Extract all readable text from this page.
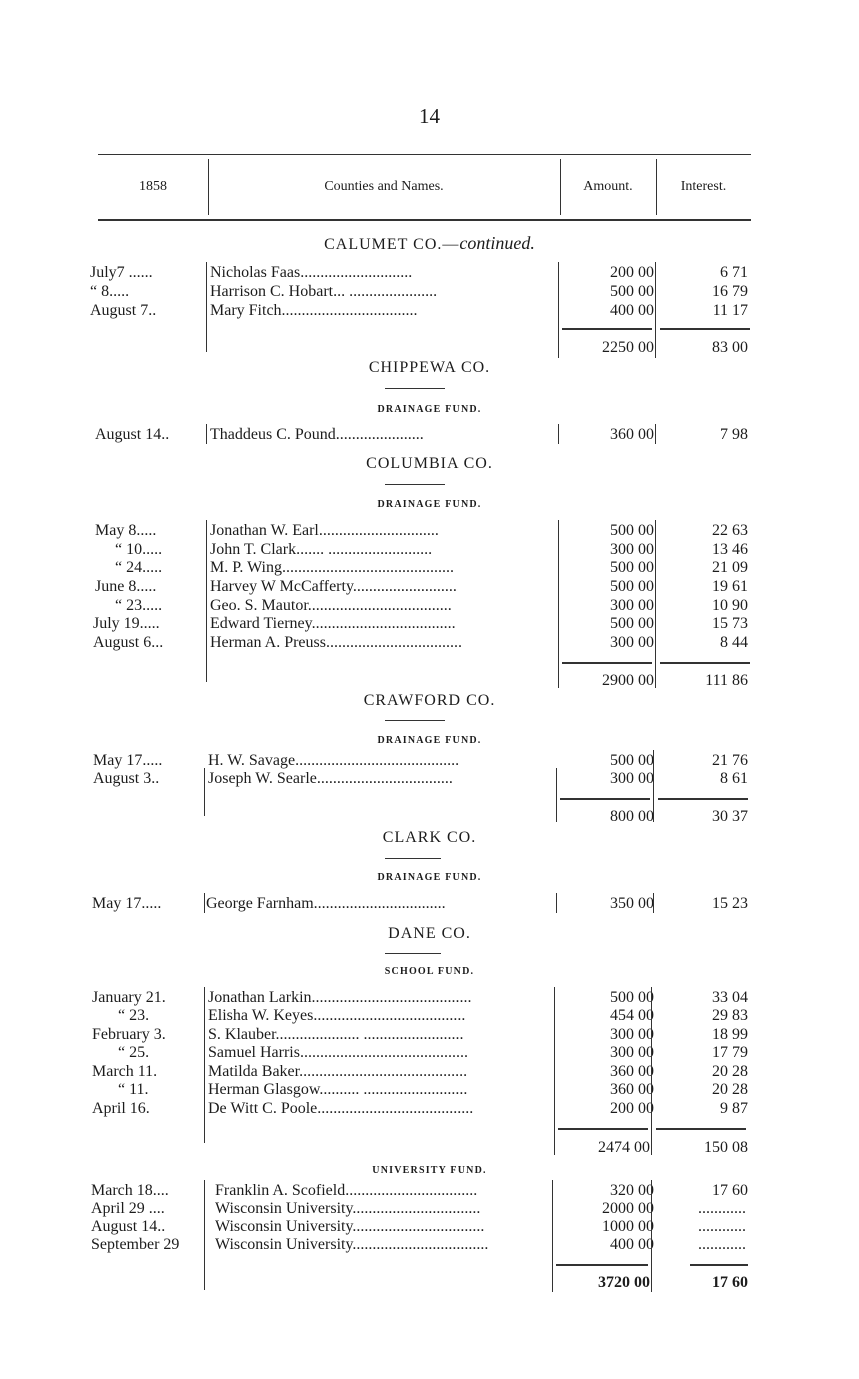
14
1858	Counties and Names.	Amount.	Interest.
CALUMET CO.—continued.
July7 ......	Nicholas Faas............................	200 00	6 71
“ 8.....	Harrison C. Hobart... ......................	500 00	16 79
August 7..	Mary Fitch..................................	400 00	11 17
2250 00	83 00
CHIPPEWA CO.
DRAINAGE FUND.
August 14..	Thaddeus C. Pound......................	360 00	7 98
COLUMBIA CO.
DRAINAGE FUND.
May 8.....	Jonathan W. Earl..............................	500 00	22 63
“ 10.....	John T. Clark....... ..........................	300 00	13 46
“ 24.....	M. P. Wing...........................................	500 00	21 09
June 8.....	Harvey W McCafferty..........................	500 00	19 61
“ 23.....	Geo. S. Mautor....................................	300 00	10 90
July 19.....	Edward Tierney....................................	500 00	15 73
August 6...	Herman A. Preuss..................................	300 00	8 44
2900 00	111 86
CRAWFORD CO.
DRAINAGE FUND.
May 17.....	H. W. Savage.........................................	500 00	21 76
August 3..	Joseph W. Searle..................................	300 00	8 61
800 00	30 37
CLARK CO.
DRAINAGE FUND.
May 17.....	George Farnham.................................	350 00	15 23
DANE CO.
SCHOOL FUND.
January 21.	Jonathan Larkin........................................	500 00	33 04
“ 23.	Elisha W. Keyes......................................	454 00	29 83
February 3.	S. Klauber..................... .........................	300 00	18 99
“ 25.	Samuel Harris..........................................	300 00	17 79
March 11.	Matilda Baker..........................................	360 00	20 28
“ 11.	Herman Glasgow.......... ..........................	360 00	20 28
April 16.	De Witt C. Poole.......................................	200 00	9 87
2474 00	150 08
UNIVERSITY FUND.
March 18....	Franklin A. Scofield.................................	320 00	17 60
April 29 ....	Wisconsin University................................	2000 00	............
August 14..	Wisconsin University.................................	1000 00	............
September 29	Wisconsin University..................................	400 00	............
3720 00	17 60
